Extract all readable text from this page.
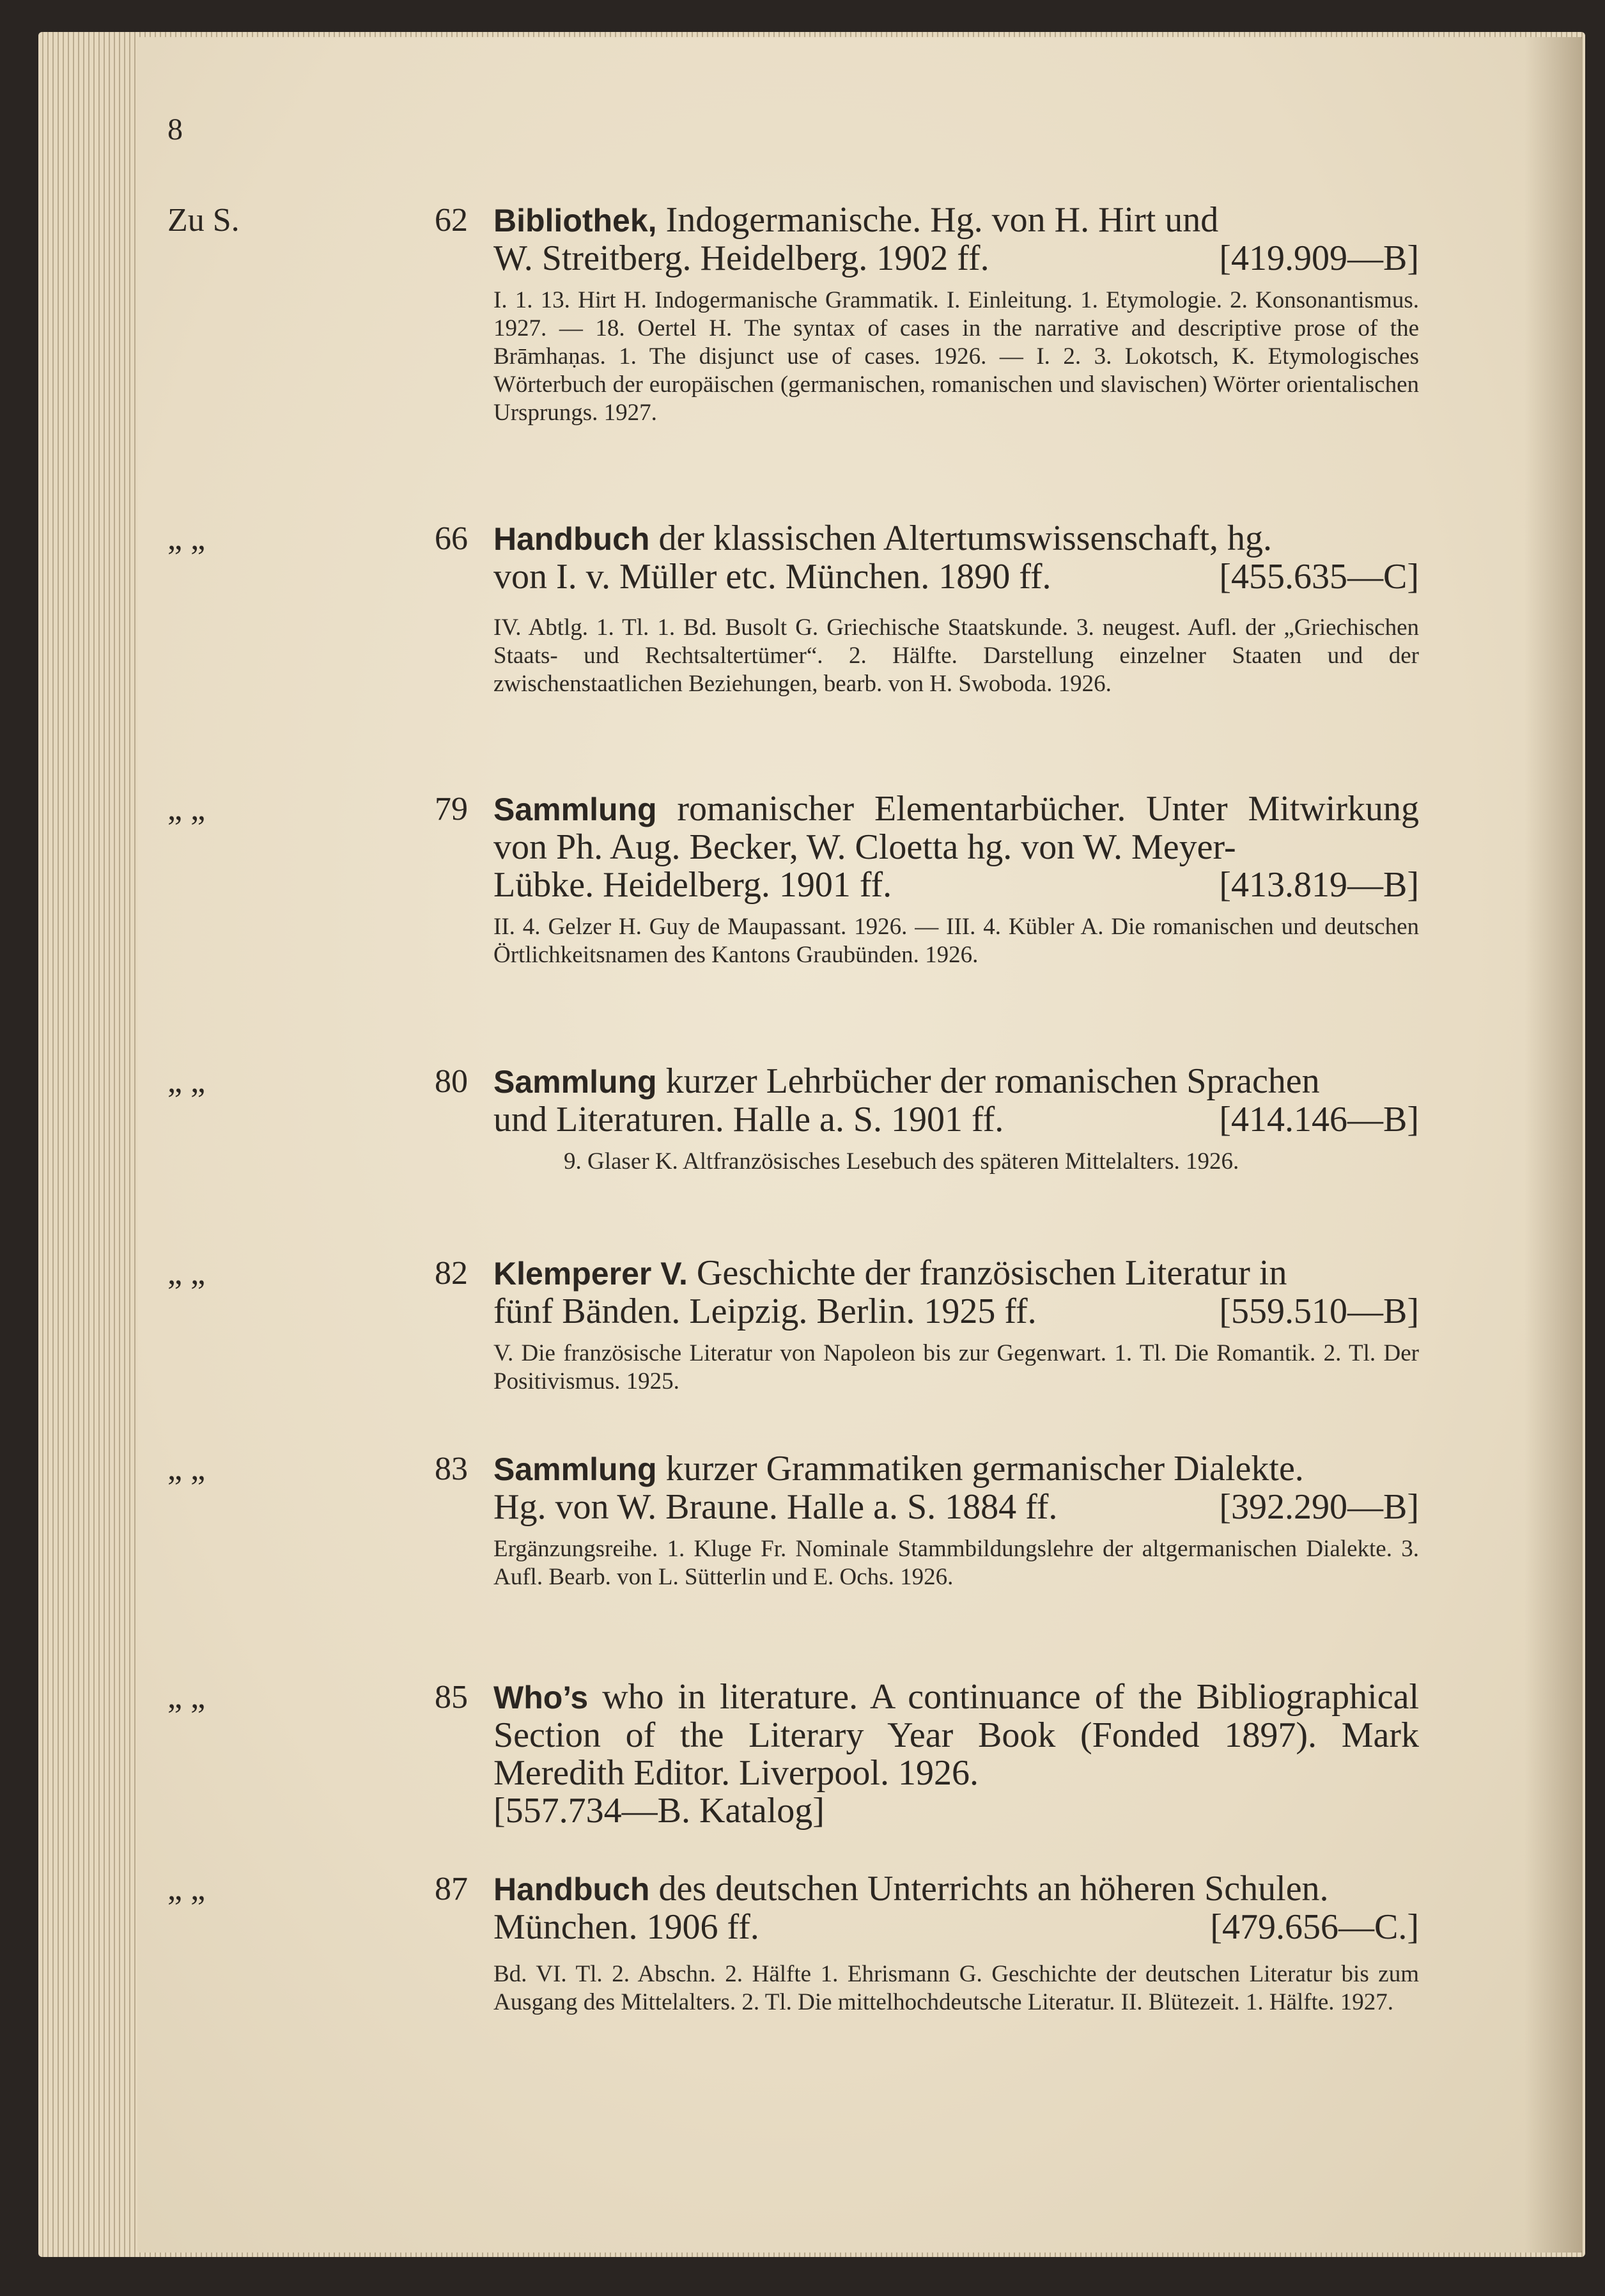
8
Zu S.	62 Bibliothek, Indogermanische. Hg. von H. Hirt und
W. Streitberg. Heidelberg. 1902 ff.	[419.909—B]
I. 1. 13. Hirt H. Indogermanische Grammatik. I. Einleitung. 1. Etymologie. 2. Konsonantismus. 1927. — 18. Oertel H. The syntax of cases in the narrative and descriptive prose of the Brāmhaṇas. 1. The disjunct use of cases. 1926. — I. 2. 3. Lokotsch, K. Etymologisches Wörterbuch der europäischen (germanischen, romanischen und slavischen) Wörter orientalischen Ursprungs. 1927.
„ „	66 Handbuch der klassischen Altertumswissenschaft, hg.
von I. v. Müller etc. München. 1890 ff.	[455.635—C]
IV. Abtlg. 1. Tl. 1. Bd. Busolt G. Griechische Staatskunde. 3. neugest. Aufl. der „Griechischen Staats- und Rechtsaltertümer“. 2. Hälfte. Darstellung einzelner Staaten und der zwischenstaatlichen Beziehungen, bearb. von H. Swoboda. 1926.
„ „	79 Sammlung romanischer Elementarbücher. Unter Mitwirkung von Ph. Aug. Becker, W. Cloetta hg. von W. Meyer-
Lübke. Heidelberg. 1901 ff.	[413.819—B]
II. 4. Gelzer H. Guy de Maupassant. 1926. — III. 4. Kübler A. Die romanischen und deutschen Örtlichkeitsnamen des Kantons Graubünden. 1926.
„ „	80 Sammlung kurzer Lehrbücher der romanischen Sprachen
und Literaturen. Halle a. S. 1901 ff.	[414.146—B]
9. Glaser K. Altfranzösisches Lesebuch des späteren Mittelalters. 1926.
„ „	82 Klemperer V. Geschichte der französischen Literatur in
fünf Bänden. Leipzig. Berlin. 1925 ff.	[559.510—B]
V. Die französische Literatur von Napoleon bis zur Gegenwart. 1. Tl. Die Romantik. 2. Tl. Der Positivismus. 1925.
„ „	83 Sammlung kurzer Grammatiken germanischer Dialekte.
Hg. von W. Braune. Halle a. S. 1884 ff.	[392.290—B]
Ergänzungsreihe. 1. Kluge Fr. Nominale Stammbildungslehre der altgermanischen Dialekte. 3. Aufl. Bearb. von L. Sütterlin und E. Ochs. 1926.
„ „	85 Who’s who in literature. A continuance of the Bibliographical Section of the Literary Year Book (Fonded 1897). Mark Meredith Editor. Liverpool. 1926.
[557.734—B. Katalog]
„ „	87 Handbuch des deutschen Unterrichts an höheren Schulen.
München. 1906 ff.	[479.656—C.]
Bd. VI. Tl. 2. Abschn. 2. Hälfte 1. Ehrismann G. Geschichte der deutschen Literatur bis zum Ausgang des Mittelalters. 2. Tl. Die mittelhochdeutsche Literatur. II. Blütezeit. 1. Hälfte. 1927.
